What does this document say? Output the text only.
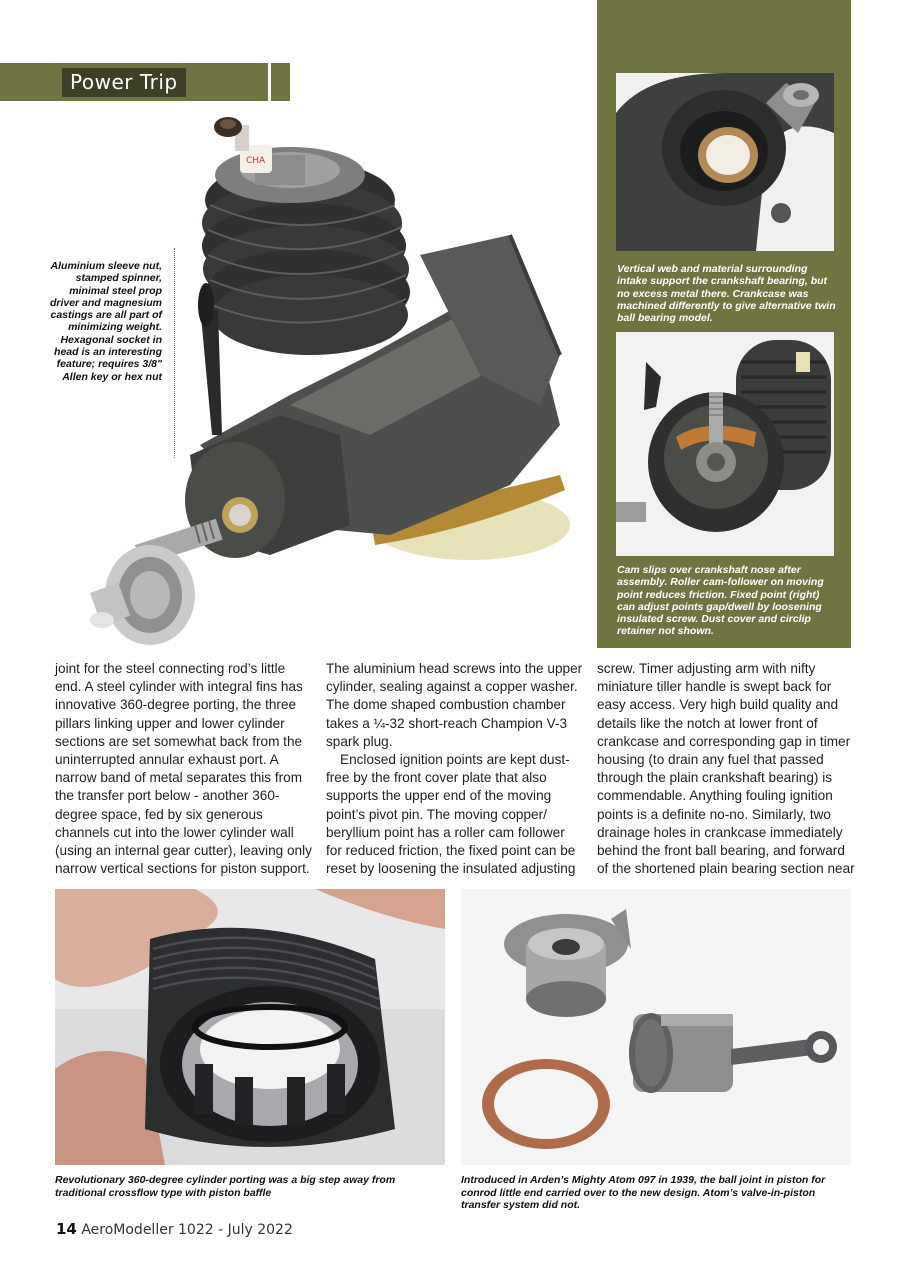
Power Trip
Vertical web and material surrounding intake support the crankshaft bearing, but no excess metal there. Crankcase was machined differently to give alternative twin ball bearing model.
Cam slips over crankshaft nose after assembly. Roller cam-follower on moving point reduces friction. Fixed point (right) can adjust points gap/dwell by loosening insulated screw. Dust cover and circlip retainer not shown.
CHA
Aluminium sleeve nut, stamped spinner, minimal steel prop driver and magnesium castings are all part of minimizing weight. Hexagonal socket in head is an interesting feature; requires 3/8" Allen key or hex nut

joint for the steel connecting rod’s little end. A steel cylinder with integral fins has innovative 360-degree porting, the three pillars linking upper and lower cylinder sections are set somewhat back from the uninterrupted annular exhaust port. A narrow band of metal separates this from the transfer port below - another 360-degree space, fed by six generous channels cut into the lower cylinder wall (using an internal gear cutter), leaving only narrow vertical sections for piston support.

The aluminium head screws into the upper cylinder, sealing against a copper washer. The dome shaped combustion chamber takes a ¼-32 short-reach Champion V-3 spark plug.

Enclosed ignition points are kept dust-free by the front cover plate that also supports the upper end of the moving point’s pivot pin. The moving copper/ beryllium point has a roller cam follower for reduced friction, the fixed point can be reset by loosening the insulated adjusting

screw. Timer adjusting arm with nifty miniature tiller handle is swept back for easy access. Very high build quality and details like the notch at lower front of crankcase and corresponding gap in timer housing (to drain any fuel that passed through the plain crankshaft bearing) is commendable. Anything fouling ignition points is a definite no-no. Similarly, two drainage holes in crankcase immediately behind the front ball bearing, and forward of the shortened plain bearing section near

Revolutionary 360-degree cylinder porting was a big step away from traditional crossflow type with piston baffle
Introduced in Arden’s Mighty Atom 097 in 1939, the ball joint in piston for conrod little end carried over to the new design. Atom’s valve-in-piston transfer system did not.
14 AeroModeller 1022 - July 2022
